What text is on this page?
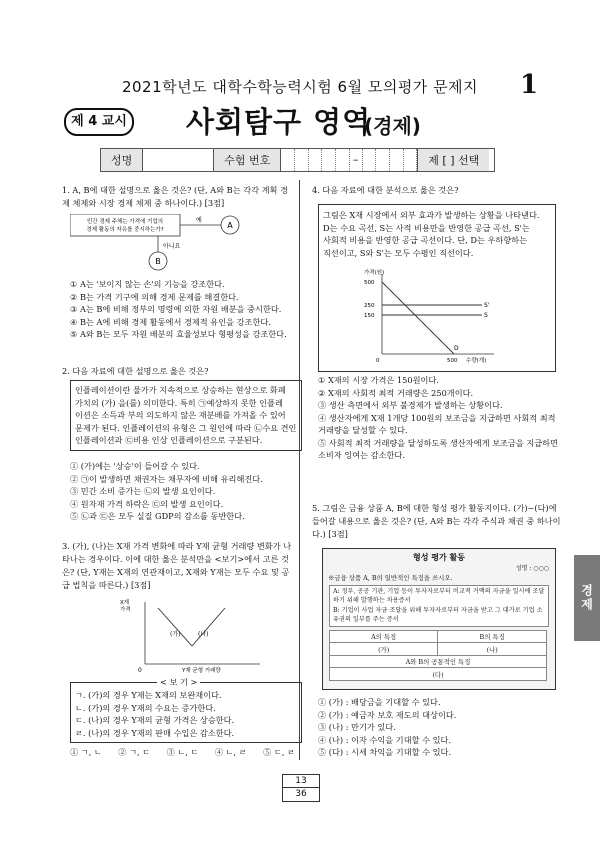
2021학년도 대학수학능력시험 6월 모의평가 문제지	1
제 4 교시 사회탐구 영역
(경제)
성명	수험 번호	–	제 [ ] 선택
1. A, B에 대한 설명으로 옳은 것은? (단, A와 B는 각각 계획 경제 체제와 시장 경제 체제 중 하나이다.) [3점]
민간 경제 주체는 가격에 기업의
경제 활동의 자유를 중시하는가?
예
A
아니요
B
① A는 '보이지 않는 손'의 기능을 강조한다.
② B는 가격 기구에 의해 경제 문제를 해결한다.
③ A는 B에 비해 정부의 명령에 의한 자원 배분을 중시한다.
④ B는 A에 비해 경제 활동에서 경제적 유인을 강조한다.
⑤ A와 B는 모두 자원 배분의 효율성보다 형평성을 강조한다.
2. 다음 자료에 대한 설명으로 옳은 것은?
인플레이션이란 물가가 지속적으로 상승하는 현상으로 화폐
가치의 (가) 을(를) 의미한다. 특히 ㉠예상하지 못한 인플레
이션은 소득과 부의 의도하지 않은 재분배를 가져올 수 있어
문제가 된다. 인플레이션의 유형은 그 원인에 따라 ㉡수요 견인
인플레이션과 ㉢비용 인상 인플레이션으로 구분된다.
① (가)에는 '상승'이 들어갈 수 있다.
② ㉠이 발생하면 채권자는 채무자에 비해 유리해진다.
③ 민간 소비 증가는 ㉡의 발생 요인이다.
④ 원자재 가격 하락은 ㉢의 발생 요인이다.
⑤ ㉡과 ㉢은 모두 실질 GDP의 감소를 동반한다.
3. (가), (나)는 X재 가격 변화에 따라 Y재 균형 거래량 변화가 나타나는 경우이다. 이에 대한 옳은 분석만을 <보기>에서 고른 것은? (단, Y재는 X재의 연관재이고, X재와 Y재는 모두 수요 및 공급 법칙을 따른다.) [3점]
X재
가격
0	Y재 균형 거래량
(가)	(나)
< 보 기 >
ㄱ. (가)의 경우 Y재는 X재의 보완재이다.
ㄴ. (가)의 경우 Y재의 수요는 증가한다.
ㄷ. (나)의 경우 Y재의 균형 가격은 상승한다.
ㄹ. (나)의 경우 Y재의 판매 수입은 감소한다.
① ㄱ, ㄴ ② ㄱ, ㄷ ③ ㄴ, ㄷ ④ ㄴ, ㄹ ⑤ ㄷ, ㄹ
4. 다음 자료에 대한 분석으로 옳은 것은?
그림은 X재 시장에서 외부 효과가 발생하는 상황을 나타낸다.
D는 수요 곡선, S는 사적 비용만을 반영한 공급 곡선, S'는
사회적 비용을 반영한 공급 곡선이다. 단, D는 우하향하는
직선이고, S와 S'는 모두 수평인 직선이다.
가격(원)
수량(개)
500
250
150
0	500
S'
S
D
① X재의 시장 가격은 150원이다.
② X재의 사회적 최적 거래량은 250개이다.
③ 생산 측면에서 외부 불경제가 발생하는 상황이다.
④ 생산자에게 X재 1개당 100원의 보조금을 지급하면 사회적 최적 거래량을 달성할 수 있다.
⑤ 사회적 최적 거래량을 달성하도록 생산자에게 보조금을 지급하면 소비자 잉여는 감소한다.
5. 그림은 금융 상품 A, B에 대한 형성 평가 활동지이다. (가)~(다)에 들어갈 내용으로 옳은 것은? (단, A와 B는 각각 주식과 채권 중 하나이다.) [3점]
형성 평가 활동
성명 : ○○○
※금융 상품 A, B의 일반적인 특징을 쓰시오.
A: 정부, 공공 기관, 기업 등이 투자자로부터 비교적 거액의 자금을 일시에 조달하기 위해 발행하는 차용증서
B: 기업이 사업 자금 조달을 위해 투자자로부터 자금을 받고 그 대가로 기업 소유권의 일부를 주는 증서
A의 특징	B의 특징
(가)	(나)
A와 B의 공통적인 특징	
(다)	
① (가) : 배당금을 기대할 수 있다.
② (가) : 예금자 보호 제도의 대상이다.
③ (나) : 만기가 있다.
④ (나) : 이자 수익을 기대할 수 있다.
⑤ (다) : 시세 차익을 기대할 수 있다.
경제
13
36
